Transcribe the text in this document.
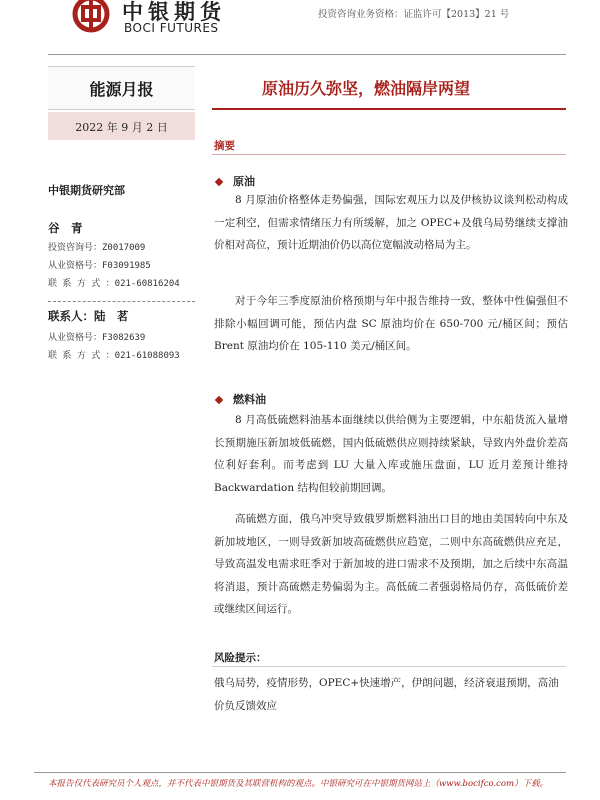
中银期货
BOCI FUTURES
投资咨询业务资格：证监许可【2013】21 号
能源月报
2022 年 9 月 2 日
中银期货研究部
谷　青
投资咨询号：Z0017009
从业资格号：F03091985
联 系 方 式 ：021-60816204
联系人：陆　茗
从业资格号：F3082639
联 系 方 式 ：021-61088093
原油历久弥坚，燃油隔岸两望
摘要
原油

8 月原油价格整体走势偏强，国际宏观压力以及伊核协议谈判松动构成一定利空，但需求情绪压力有所缓解，加之 OPEC+及俄乌局势继续支撑油价相对高位，预计近期油价仍以高位宽幅波动格局为主。

对于今年三季度原油价格预期与年中报告维持一致，整体中性偏强但不排除小幅回调可能，预估内盘 SC 原油均价在 650-700 元/桶区间；预估 Brent 原油均价在 105-110 美元/桶区间。

燃料油

8 月高低硫燃料油基本面继续以供给侧为主要逻辑，中东船货流入量增长预期施压新加坡低硫燃，国内低硫燃供应则持续紧缺，导致内外盘价差高位利好套利。而考虑到 LU 大量入库或施压盘面，LU 近月差预计维持 Backwardation 结构但较前期回调。

高硫燃方面，俄乌冲突导致俄罗斯燃料油出口目的地由美国转向中东及新加坡地区，一则导致新加坡高硫燃供应趋宽，二则中东高硫燃供应充足，导致高温发电需求旺季对于新加坡的进口需求不及预期，加之后续中东高温将消退，预计高硫燃走势偏弱为主。高低硫二者强弱格局仍存，高低硫价差或继续区间运行。

风险提示：

俄乌局势，疫情形势，OPEC+快速增产，伊朗问题，经济衰退预期，高油价负反馈效应

本报告仅代表研究员个人观点，并不代表中银期货及其联营机构的观点。中银研究可在中银期货网站上（www.bocifco.com）下载。
